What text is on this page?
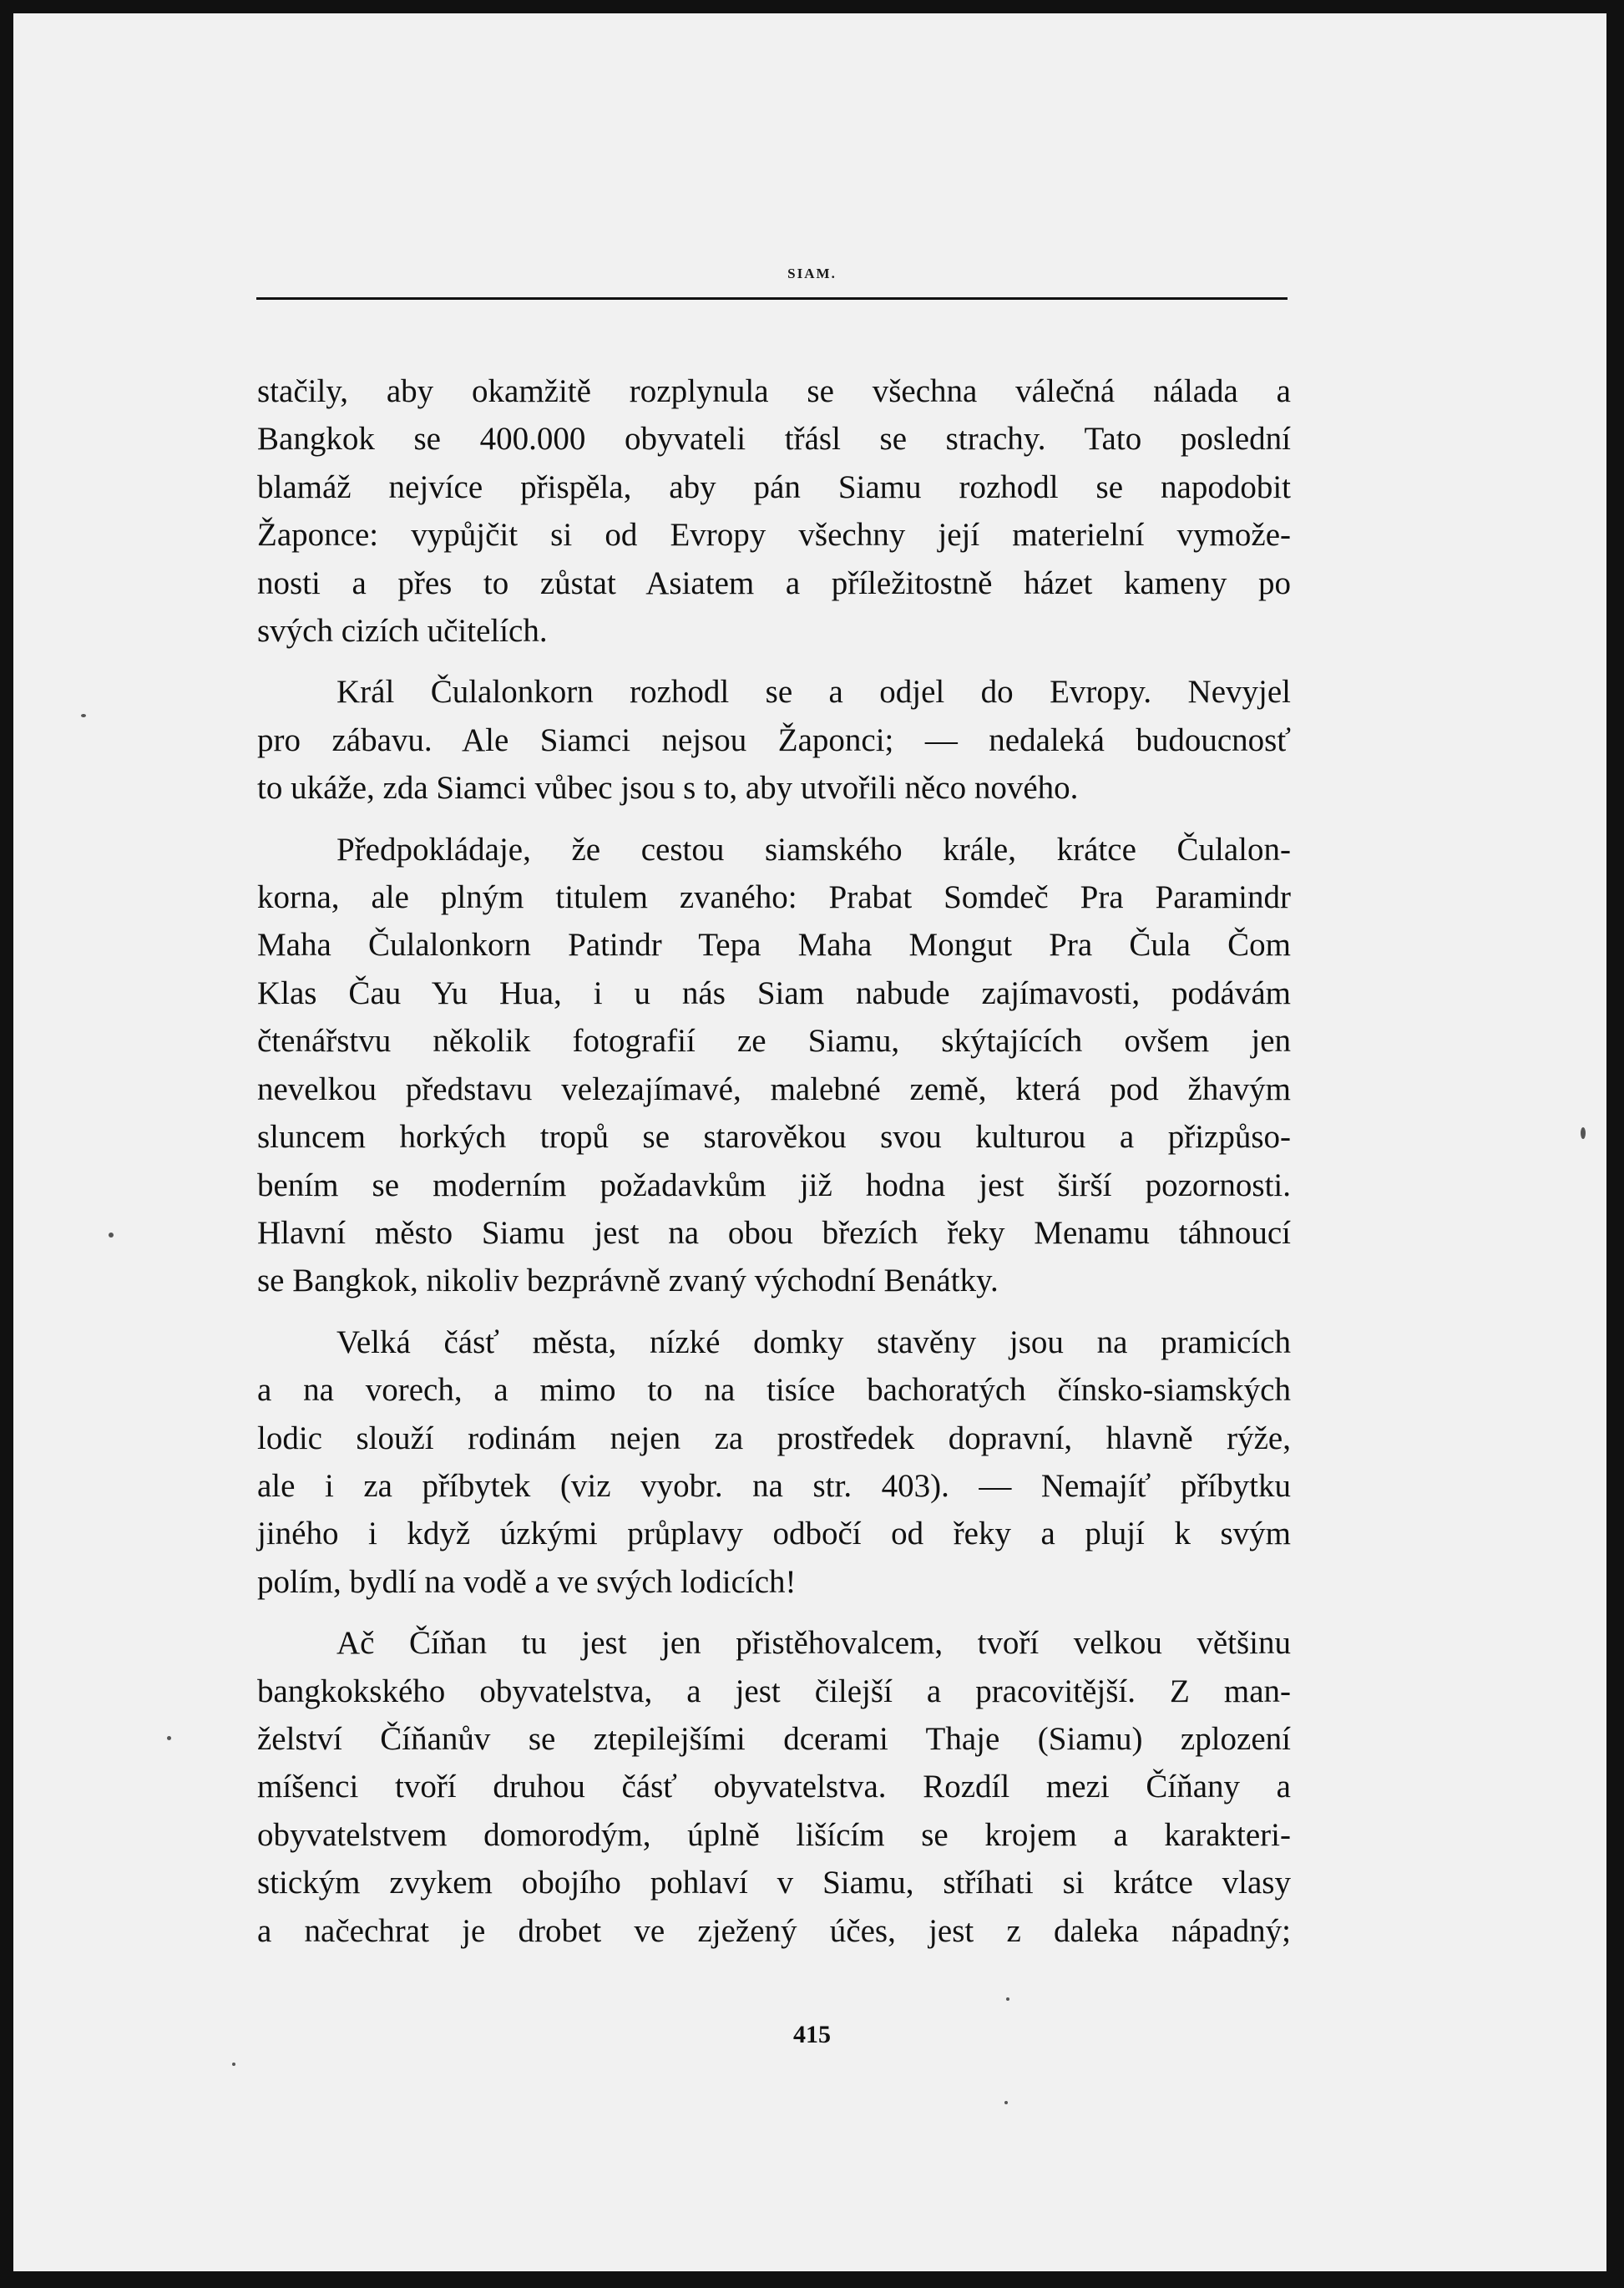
SIAM.

stačily, aby okamžitě rozplynula se všechna válečná nálada a
Bangkok se 400.000 obyvateli třásl se strachy. Tato poslední
blamáž nejvíce přispěla, aby pán Siamu rozhodl se napodobit
Žaponce: vypůjčit si od Evropy všechny její materielní vymože-
nosti a přes to zůstat Asiatem a příležitostně házet kameny po
svých cizích učitelích.

Král Čulalonkorn rozhodl se a odjel do Evropy. Nevyjel
pro zábavu. Ale Siamci nejsou Žaponci; — nedaleká budoucnosť
to ukáže, zda Siamci vůbec jsou s to, aby utvořili něco nového.

Předpokládaje, že cestou siamského krále, krátce Čulalon-
korna, ale plným titulem zvaného: Prabat Somdeč Pra Paramindr
Maha Čulalonkorn Patindr Tepa Maha Mongut Pra Čula Čom
Klas Čau Yu Hua, i u nás Siam nabude zajímavosti, podávám
čtenářstvu několik fotografií ze Siamu, skýtajících ovšem jen
nevelkou představu velezajímavé, malebné země, která pod žhavým
sluncem horkých tropů se starověkou svou kulturou a přizpůso-
bením se moderním požadavkům již hodna jest širší pozornosti.
Hlavní město Siamu jest na obou březích řeky Menamu táhnoucí
se Bangkok, nikoliv bezprávně zvaný východní Benátky.

Velká čásť města, nízké domky stavěny jsou na pramicích
a na vorech, a mimo to na tisíce bachoratých čínsko-siamských
lodic slouží rodinám nejen za prostředek dopravní, hlavně rýže,
ale i za příbytek (viz vyobr. na str. 403). — Nemajíť příbytku
jiného i když úzkými průplavy odbočí od řeky a plují k svým
polím, bydlí na vodě a ve svých lodicích!

Ač Číňan tu jest jen přistěhovalcem, tvoří velkou většinu
bangkokského obyvatelstva, a jest čilejší a pracovitější. Z man-
želství Číňanův se ztepilejšími dcerami Thaje (Siamu) zplození
míšenci tvoří druhou čásť obyvatelstva. Rozdíl mezi Číňany a
obyvatelstvem domorodým, úplně lišícím se krojem a karakteri-
stickým zvykem obojího pohlaví v Siamu, stříhati si krátce vlasy
a načechrat je drobet ve zježený účes, jest z daleka nápadný;

415
